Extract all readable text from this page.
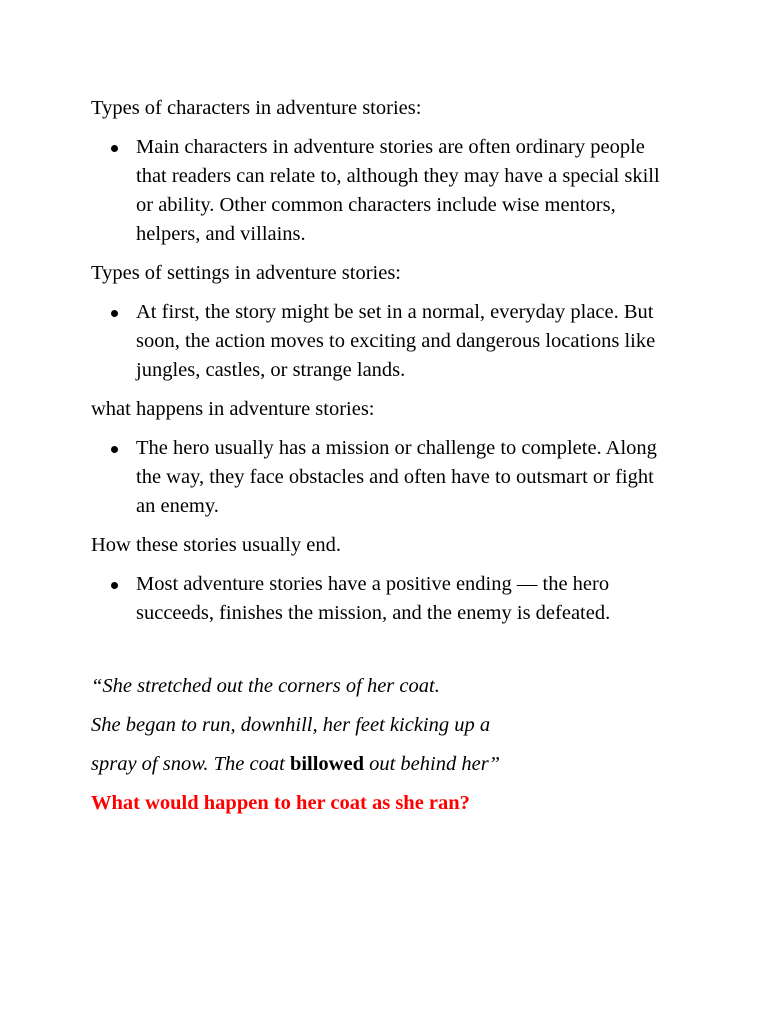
Types of characters in adventure stories:

Main characters in adventure stories are often ordinary people that readers can relate to, although they may have a special skill or ability. Other common characters include wise mentors, helpers, and villains.

Types of settings in adventure stories:

At first, the story might be set in a normal, everyday place. But soon, the action moves to exciting and dangerous locations like jungles, castles, or strange lands.

what happens in adventure stories:

The hero usually has a mission or challenge to complete. Along the way, they face obstacles and often have to outsmart or fight an enemy.

How these stories usually end.

Most adventure stories have a positive ending — the hero succeeds, finishes the mission, and the enemy is defeated.

“She stretched out the corners of her coat.

She began to run, downhill, her feet kicking up a

spray of snow. The coat billowed out behind her”

What would happen to her coat as she ran?
